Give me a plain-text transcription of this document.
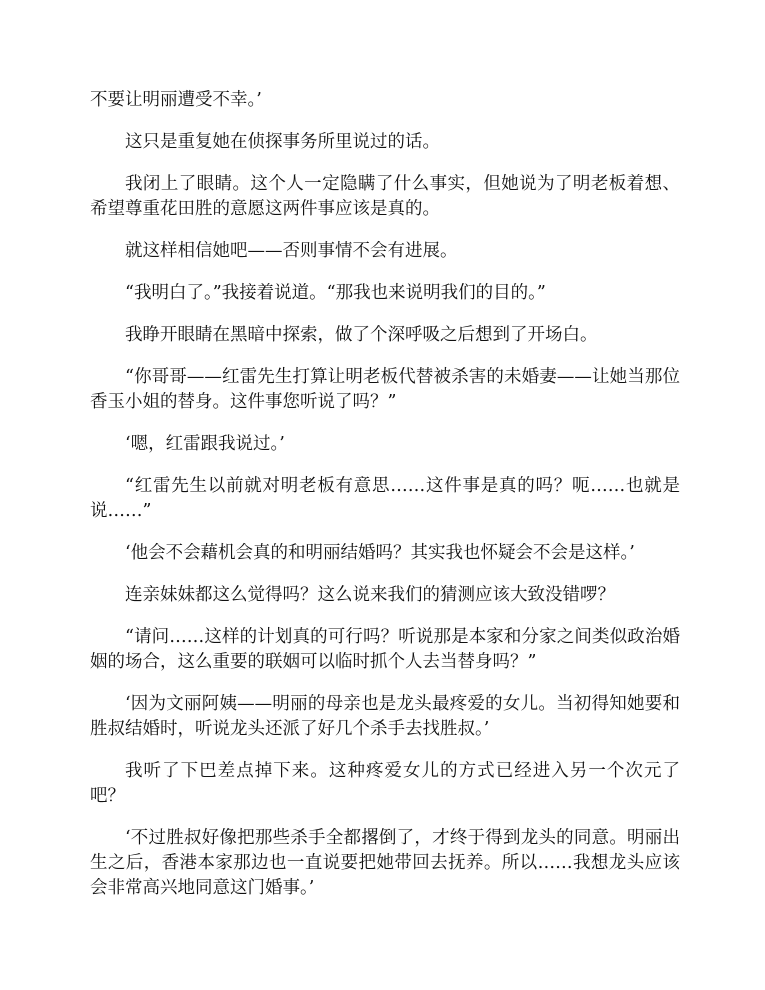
不要让明丽遭受不幸。’

这只是重复她在侦探事务所里说过的话。

我闭上了眼睛。这个人一定隐瞒了什么事实，但她说为了明老板着想、希望尊重花田胜的意愿这两件事应该是真的。

就这样相信她吧——否则事情不会有进展。

“我明白了。”我接着说道。“那我也来说明我们的目的。”

我睁开眼睛在黑暗中探索，做了个深呼吸之后想到了开场白。

“你哥哥——红雷先生打算让明老板代替被杀害的未婚妻——让她当那位香玉小姐的替身。这件事您听说了吗？”

‘嗯，红雷跟我说过。’

“红雷先生以前就对明老板有意思……这件事是真的吗？呃……也就是说……”

‘他会不会藉机会真的和明丽结婚吗？其实我也怀疑会不会是这样。’

连亲妹妹都这么觉得吗？这么说来我们的猜测应该大致没错啰？

“请问……这样的计划真的可行吗？听说那是本家和分家之间类似政治婚姻的场合，这么重要的联姻可以临时抓个人去当替身吗？”

‘因为文丽阿姨——明丽的母亲也是龙头最疼爱的女儿。当初得知她要和胜叔结婚时，听说龙头还派了好几个杀手去找胜叔。’

我听了下巴差点掉下来。这种疼爱女儿的方式已经进入另一个次元了吧？

‘不过胜叔好像把那些杀手全都撂倒了，才终于得到龙头的同意。明丽出生之后，香港本家那边也一直说要把她带回去抚养。所以……我想龙头应该会非常高兴地同意这门婚事。’
